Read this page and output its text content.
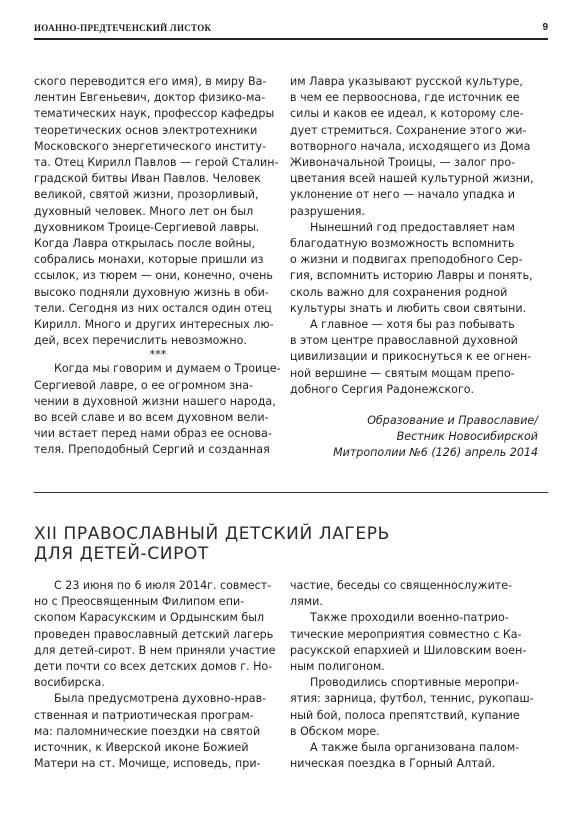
ИОАННО-ПРЕДТЕЧЕНСКИЙ ЛИСТОК	9
ского переводится его имя), в миру Ва-
лентин Евгеньевич, доктор физико-ма-
тематических наук, профессор кафедры
теоретических основ электротехники
Московского энергетического институ-
та. Отец Кирилл Павлов — герой Сталин-
градской битвы Иван Павлов. Человек
великой, святой жизни, прозорливый,
духовный человек. Много лет он был
духовником Троице-Сергиевой лавры.
Когда Лавра открылась после войны,
собрались монахи, которые пришли из
ссылок, из тюрем — они, конечно, очень
высоко подняли духовную жизнь в оби-
тели. Сегодня из них остался один отец
Кирилл. Много и других интересных лю-
дей, всех перечислить невозможно.
***
Когда мы говорим и думаем о Троице-
Сергиевой лавре, о ее огромном зна-
чении в духовной жизни нашего народа,
во всей славе и во всем духовном вели-
чии встает перед нами образ ее основа-
теля. Преподобный Сергий и созданная
им Лавра указывают русской культуре,
в чем ее первооснова, где источник ее
силы и каков ее идеал, к которому сле-
дует стремиться. Сохранение этого жи-
вотворного начала, исходящего из Дома
Живоначальной Троицы, — залог про-
цветания всей нашей культурной жизни,
уклонение от него — начало упадка и
разрушения.
Нынешний год предоставляет нам
благодатную возможность вспомнить
о жизни и подвигах преподобного Сер-
гия, вспомнить историю Лавры и понять,
сколь важно для сохранения родной
культуры знать и любить свои святыни.
А главное — хотя бы раз побывать
в этом центре православной духовной
цивилизации и прикоснуться к ее огнен-
ной вершине — святым мощам препо-
добного Сергия Радонежского.
Образование и Православие/
Вестник Новосибирской
Митрополии №6 (126) апрель 2014
XII ПРАВОСЛАВНЫЙ ДЕТСКИЙ ЛАГЕРЬ
ДЛЯ ДЕТЕЙ-СИРОТ
С 23 июня по 6 июля 2014г. совмест-
но с Преосвященным Филипом епи-
скопом Карасукским и Ордынским был
проведен православный детский лагерь
для детей-сирот. В нем приняли участие
дети почти со всех детских домов г. Но-
восибирска.
Была предусмотрена духовно-нрав-
ственная и патриотическая програм-
ма: паломнические поездки на святой
источник, к Иверской иконе Божией
Матери на ст. Мочище, исповедь, при-
частие, беседы со священнослужите-
лями.
Также проходили военно-патрио-
тические мероприятия совместно с Ка-
расукской епархией и Шиловским воен-
ным полигоном.
Проводились спортивные меропри-
ятия: зарница, футбол, теннис, рукопаш-
ный бой, полоса препятствий, купание
в Обском море.
А также была организована палом-
ническая поездка в Горный Алтай.
